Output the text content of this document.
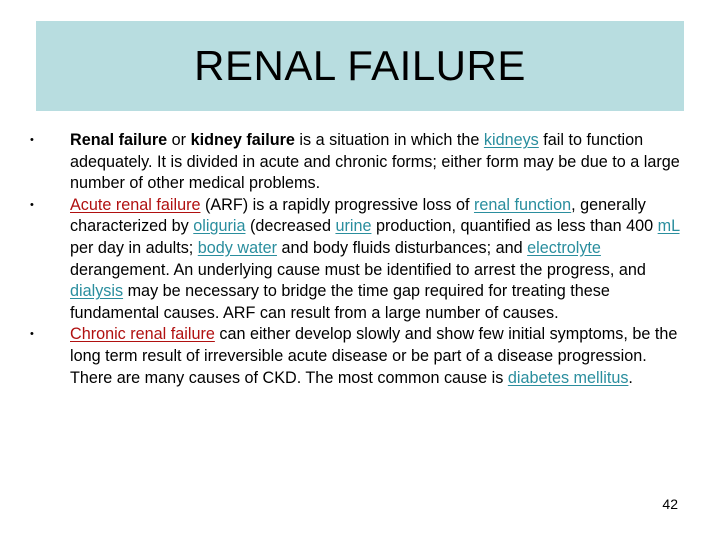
RENAL FAILURE
•	Renal failure or kidney failure is a situation in which the kidneys fail to function adequately. It is divided in acute and chronic forms; either form may be due to a large number of other medical problems.
•	Acute renal failure (ARF) is a rapidly progressive loss of renal function, generally characterized by oliguria (decreased urine production, quantified as less than 400 mL per day in adults; body water and body fluids disturbances; and electrolyte derangement. An underlying cause must be identified to arrest the progress, and dialysis may be necessary to bridge the time gap required for treating these fundamental causes. ARF can result from a large number of causes.
•	Chronic renal failure can either develop slowly and show few initial symptoms, be the long term result of irreversible acute disease or be part of a disease progression. There are many causes of CKD. The most common cause is diabetes mellitus.
42
